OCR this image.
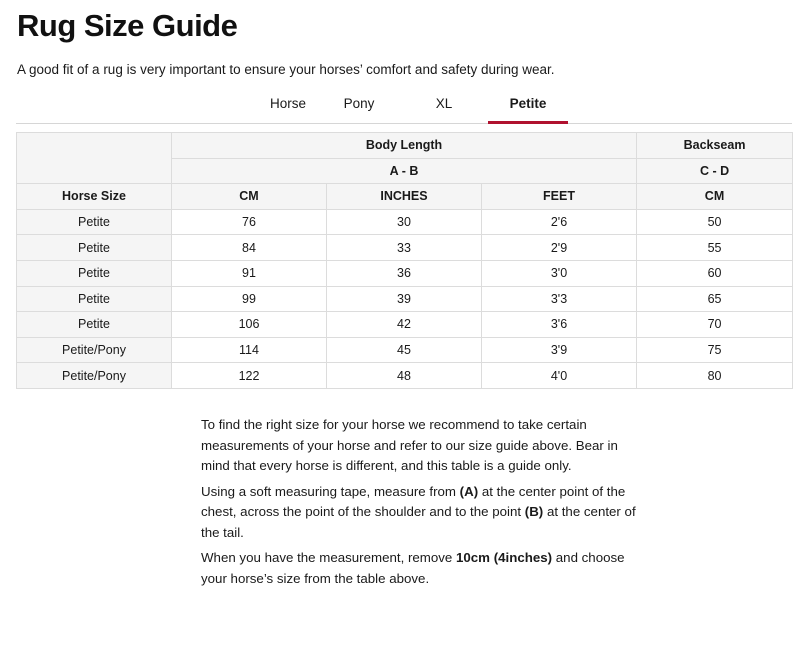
Rug Size Guide

A good fit of a rug is very important to ensure your horses’ comfort and safety during wear.

Horse	Pony	XL	Petite
	Body Length			Backseam
	A - B			C - D
Horse Size	CM	INCHES	FEET	CM
Petite	76	30	2'6	50
Petite	84	33	2'9	55
Petite	91	36	3'0	60
Petite	99	39	3'3	65
Petite	106	42	3'6	70
Petite/Pony	114	45	3'9	75
Petite/Pony	122	48	4'0	80

To find the right size for your horse we recommend to take certain measurements of your horse and refer to our size guide above. Bear in mind that every horse is different, and this table is a guide only.

Using a soft measuring tape, measure from (A) at the center point of the chest, across the point of the shoulder and to the point (B) at the center of the tail.

When you have the measurement, remove 10cm (4inches) and choose your horse’s size from the table above.
